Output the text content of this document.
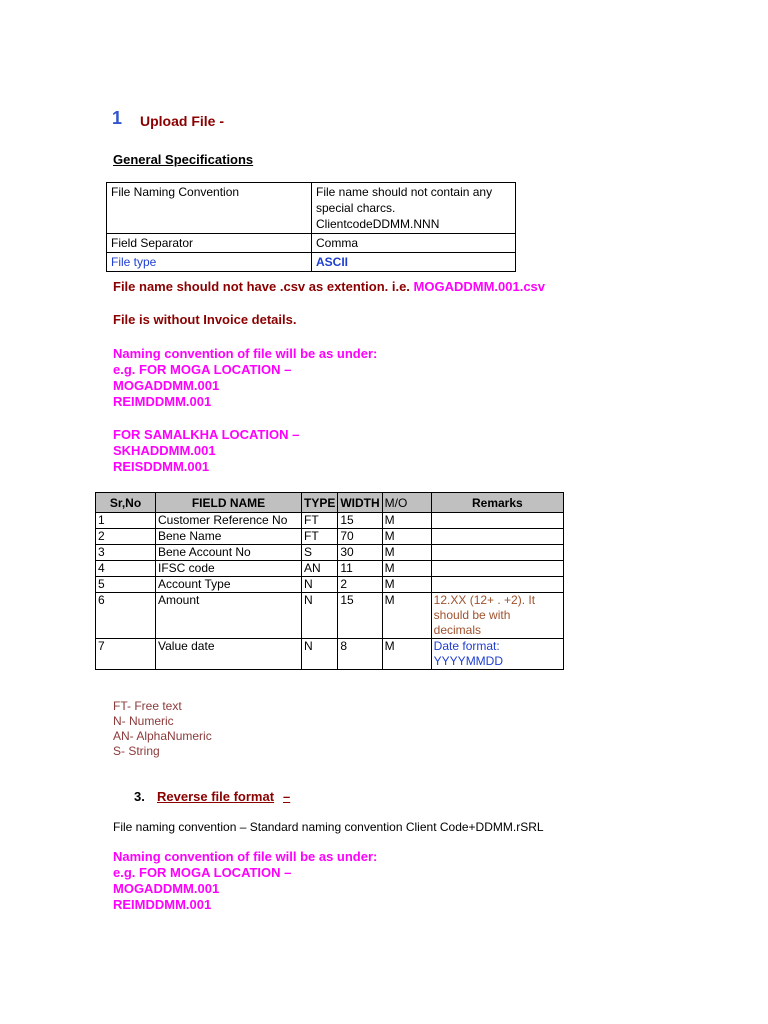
1 Upload File -
General Specifications
File Naming Convention	File name should not contain any special charcs. ClientcodeDDMM.NNN
Field Separator	Comma
File type	ASCII
File name should not have .csv as extention. i.e. MOGADDMM.001.csv
File is without Invoice details.
Naming convention of file will be as under:
e.g. FOR MOGA LOCATION –
MOGADDMM.001
REIMDDMM.001
FOR SAMALKHA LOCATION –
SKHADDMM.001
REISDDMM.001
Sr,No	FIELD NAME	TYPE	WIDTH	M/O	Remarks
1	Customer Reference No	FT	15	M	
2	Bene Name	FT	70	M	
3	Bene Account No	S	30	M	
4	IFSC code	AN	11	M	
5	Account Type	N	2	M	
6	Amount	N	15	M	12.XX (12+ . +2). It should be with decimals
7	Value date	N	8	M	Date format: YYYYMMDD
FT- Free text
N- Numeric
AN- AlphaNumeric
S- String
3. Reverse file format –
File naming convention – Standard naming convention Client Code+DDMM.rSRL
Naming convention of file will be as under:
e.g. FOR MOGA LOCATION –
MOGADDMM.001
REIMDDMM.001
